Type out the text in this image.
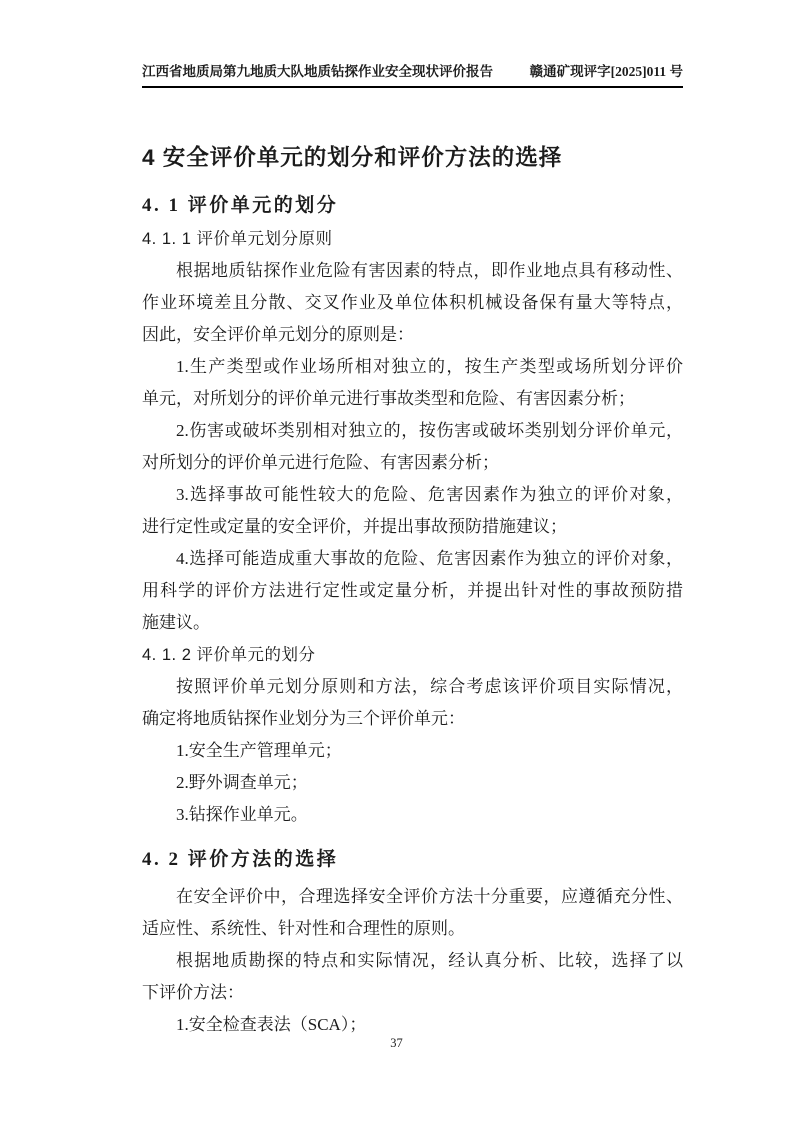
江西省地质局第九地质大队地质钻探作业安全现状评价报告	赣通矿现评字[2025]011 号
4 安全评价单元的划分和评价方法的选择
4. 1 评价单元的划分
4. 1. 1 评价单元划分原则
根据地质钻探作业危险有害因素的特点，即作业地点具有移动性、
作业环境差且分散、交叉作业及单位体积机械设备保有量大等特点，
因此，安全评价单元划分的原则是：
1.生产类型或作业场所相对独立的，按生产类型或场所划分评价
单元，对所划分的评价单元进行事故类型和危险、有害因素分析；
2.伤害或破坏类别相对独立的，按伤害或破坏类别划分评价单元，
对所划分的评价单元进行危险、有害因素分析；
3.选择事故可能性较大的危险、危害因素作为独立的评价对象，
进行定性或定量的安全评价，并提出事故预防措施建议；
4.选择可能造成重大事故的危险、危害因素作为独立的评价对象，
用科学的评价方法进行定性或定量分析，并提出针对性的事故预防措
施建议。
4. 1. 2 评价单元的划分
按照评价单元划分原则和方法，综合考虑该评价项目实际情况，
确定将地质钻探作业划分为三个评价单元：
1.安全生产管理单元；
2.野外调查单元；
3.钻探作业单元。
4. 2 评价方法的选择
在安全评价中，合理选择安全评价方法十分重要，应遵循充分性、
适应性、系统性、针对性和合理性的原则。
根据地质勘探的特点和实际情况，经认真分析、比较，选择了以
下评价方法：
1.安全检查表法（SCA）；
37
